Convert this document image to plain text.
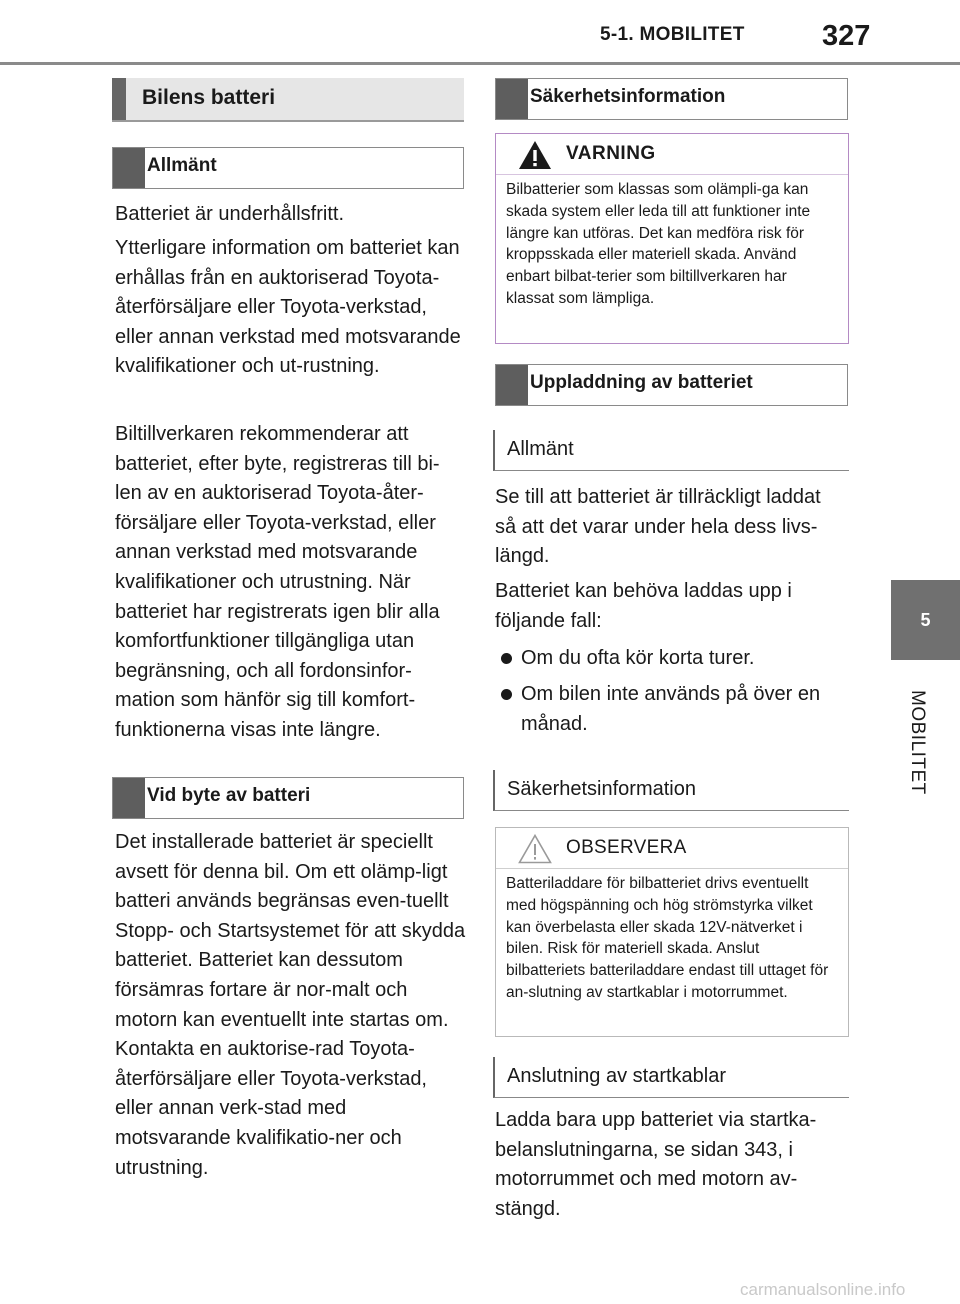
5-1. MOBILITET	327
5
MOBILITET
Bilens batteri
Allmänt

Batteriet är underhållsfritt.

Ytterligare information om batteriet kan erhållas från en auktoriserad Toyota-återförsäljare eller Toyota-verkstad, eller annan verkstad med motsvarande kvalifikationer och ut-rustning.

Biltillverkaren rekommenderar att batteriet, efter byte, registreras till bi-len av en auktoriserad Toyota-åter-försäljare eller Toyota-verkstad, eller annan verkstad med motsvarande kvalifikationer och utrustning. När batteriet har registrerats igen blir alla komfortfunktioner tillgängliga utan begränsning, och all fordonsinfor-mation som hänför sig till komfort-funktionerna visas inte längre.

Vid byte av batteri

Det installerade batteriet är speciellt avsett för denna bil. Om ett olämp-ligt batteri används begränsas even-tuellt Stopp- och Startsystemet för att skydda batteriet. Batteriet kan dessutom försämras fortare är nor-malt och motorn kan eventuellt inte startas om. Kontakta en auktorise-rad Toyota-återförsäljare eller Toyota-verkstad, eller annan verk-stad med motsvarande kvalifikatio-ner och utrustning.

Säkerhetsinformation
VARNING
Bilbatterier som klassas som olämpli-ga kan skada system eller leda till att funktioner inte längre kan utföras. Det kan medföra risk för kroppsskada eller materiell skada. Använd enbart bilbat-terier som biltillverkaren har klassat som lämpliga.
Uppladdning av batteriet
Allmänt

Se till att batteriet är tillräckligt laddat så att det varar under hela dess livs-längd.

Batteriet kan behöva laddas upp i följande fall:

Om du ofta kör korta turer.
Om bilen inte används på över en månad.
Säkerhetsinformation
OBSERVERA
Batteriladdare för bilbatteriet drivs eventuellt med högspänning och hög strömstyrka vilket kan överbelasta eller skada 12V-nätverket i bilen. Risk för materiell skada. Anslut bilbatteriets batteriladdare endast till uttaget för an-slutning av startkablar i motorrummet.
Anslutning av startkablar

Ladda bara upp batteriet via startka-belanslutningarna, se sidan 343, i motorrummet och med motorn av-stängd.

carmanualsonline.info
